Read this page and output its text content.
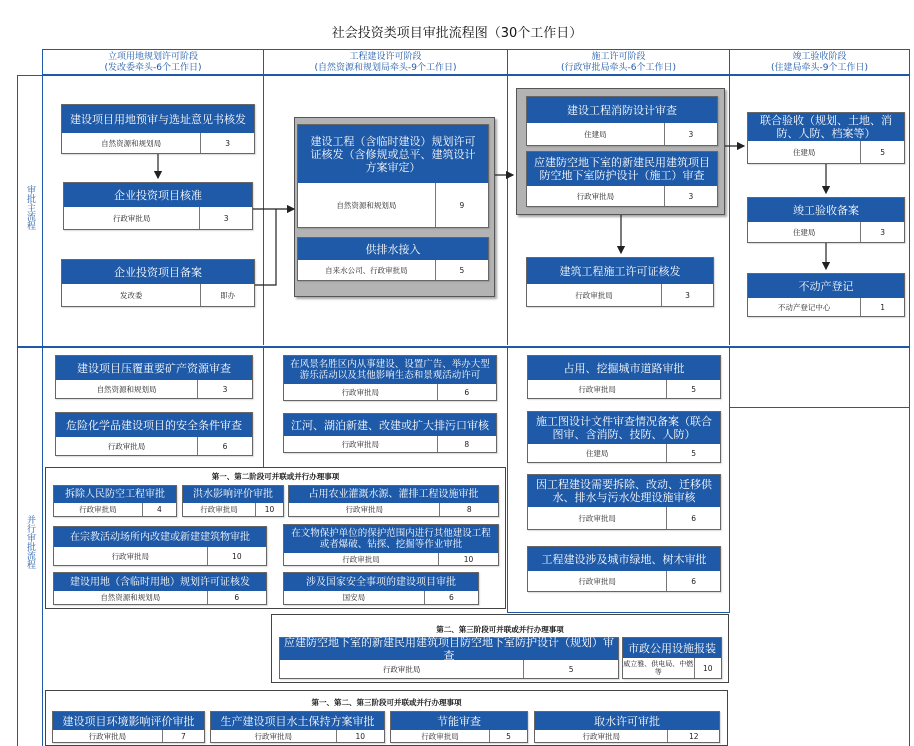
社会投资类项目审批流程图（30个工作日）
立项用地规划许可阶段
(发改委牵头-6个工作日)
工程建设许可阶段
(自然资源和规划局牵头-9个工作日)
施工许可阶段
(行政审批局牵头-6个工作日)
竣工验收阶段
(住建局牵头-9个工作日)
审批主流程
并行审批流程
建设项目用地预审与选址意见书核发
自然资源和规划局	3
企业投资项目核准
行政审批局	3
企业投资项目备案
发改委	即办
建设工程（含临时建设）规划许可证核发（含修规或总平、建筑设计方案审定）
自然资源和规划局	9
供排水接入
自来水公司、行政审批局	5
建设工程消防设计审查
住建局	3
应建防空地下室的新建民用建筑项目防空地下室防护设计（施工）审查
行政审批局	3
建筑工程施工许可证核发
行政审批局	3
联合验收（规划、土地、消防、人防、档案等）
住建局	5
竣工验收备案
住建局	3
不动产登记
不动产登记中心	1
建设项目压覆重要矿产资源审查
自然资源和规划局	3
危险化学品建设项目的安全条件审查
行政审批局	6
在风景名胜区内从事建设、设置广告、举办大型游乐活动以及其他影响生态和景观活动许可
行政审批局	6
江河、湖泊新建、改建或扩大排污口审核
行政审批局	8
占用、挖掘城市道路审批
行政审批局	5
施工图设计文件审查情况备案（联合图审、含消防、技防、人防）
住建局	5
因工程建设需要拆除、改动、迁移供水、排水与污水处理设施审核
行政审批局	6
工程建设涉及城市绿地、树木审批
行政审批局	6
第一、第二阶段可并联或并行办理事项
拆除人民防空工程审批
行政审批局	4
洪水影响评价审批
行政审批局	10
占用农业灌溉水源、灌排工程设施审批
行政审批局	8
在宗教活动场所内改建或新建建筑物审批
行政审批局	10
在文物保护单位的保护范围内进行其他建设工程或者爆破、钻探、挖掘等作业审批
行政审批局	10
建设用地（含临时用地）规划许可证核发
自然资源和规划局	6
涉及国家安全事项的建设项目审批
国安局	6
第二、第三阶段可并联或并行办理事项
应建防空地下室的新建民用建筑项目防空地下室防护设计（规划）审查
行政审批局	5
市政公用设施报装
威立雅、供电局、中燃等	10
第一、第二、第三阶段可并联或并行办理事项
建设项目环境影响评价审批
行政审批局	7
生产建设项目水土保持方案审批
行政审批局	10
节能审查
行政审批局	5
取水许可审批
行政审批局	12
